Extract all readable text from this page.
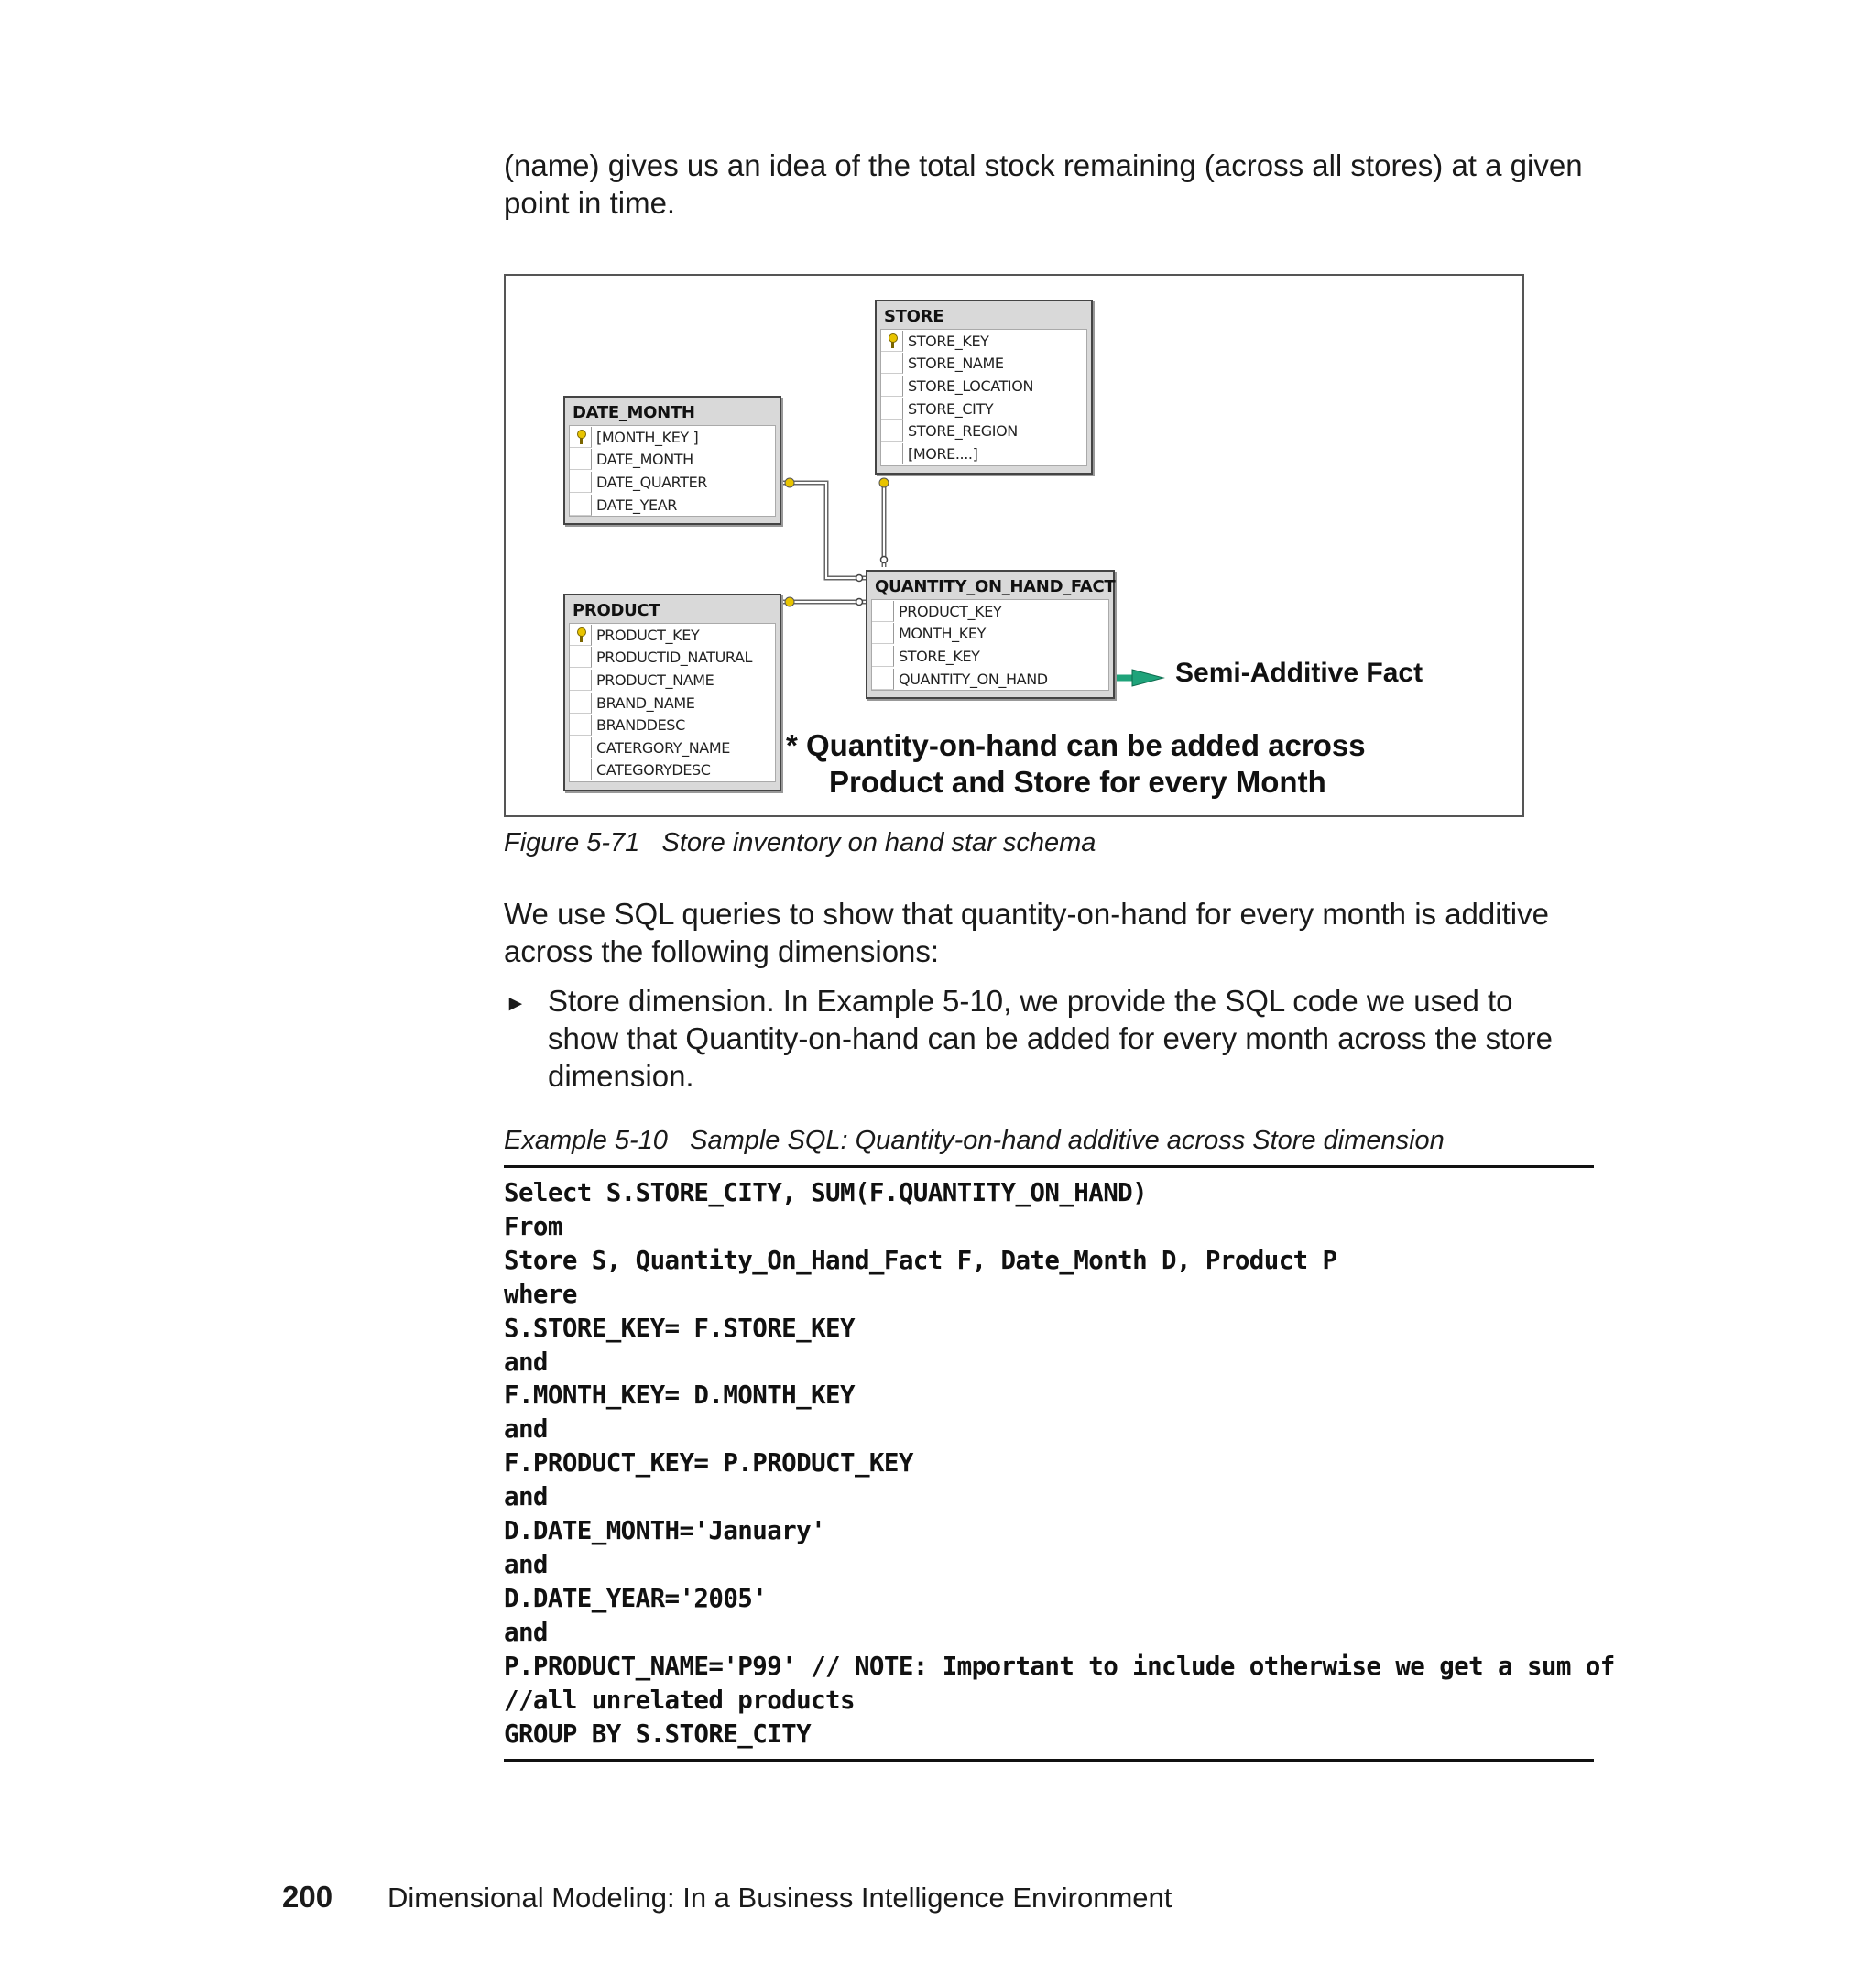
(name) gives us an idea of the total stock remaining (across all stores) at a given
point in time.
STORE
STORE_KEY
STORE_NAME
STORE_LOCATION
STORE_CITY
STORE_REGION
[MORE....]
DATE_MONTH
[MONTH_KEY ]
DATE_MONTH
DATE_QUARTER
DATE_YEAR
PRODUCT
PRODUCT_KEY
PRODUCTID_NATURAL
PRODUCT_NAME
BRAND_NAME
BRANDDESC
CATERGORY_NAME
CATEGORYDESC
QUANTITY_ON_HAND_FACT
PRODUCT_KEY
MONTH_KEY
STORE_KEY
QUANTITY_ON_HAND	Semi-Additive Fact
* Quantity-on-hand can be added across
Product and Store for every Month
Figure 5-71   Store inventory on hand star schema
We use SQL queries to show that quantity-on-hand for every month is additive
across the following dimensions:
► Store dimension. In Example 5-10, we provide the SQL code we used to
show that Quantity-on-hand can be added for every month across the store
dimension.
Example 5-10   Sample SQL: Quantity-on-hand additive across Store dimension
Select S.STORE_CITY, SUM(F.QUANTITY_ON_HAND)
From
Store S, Quantity_On_Hand_Fact F, Date_Month D, Product P
where
S.STORE_KEY= F.STORE_KEY
and
F.MONTH_KEY= D.MONTH_KEY
and
F.PRODUCT_KEY= P.PRODUCT_KEY
and
D.DATE_MONTH='January'
and
D.DATE_YEAR='2005'
and
P.PRODUCT_NAME='P99' // NOTE: Important to include otherwise we get a sum of
//all unrelated products
GROUP BY S.STORE_CITY
200 Dimensional Modeling: In a Business Intelligence Environment
